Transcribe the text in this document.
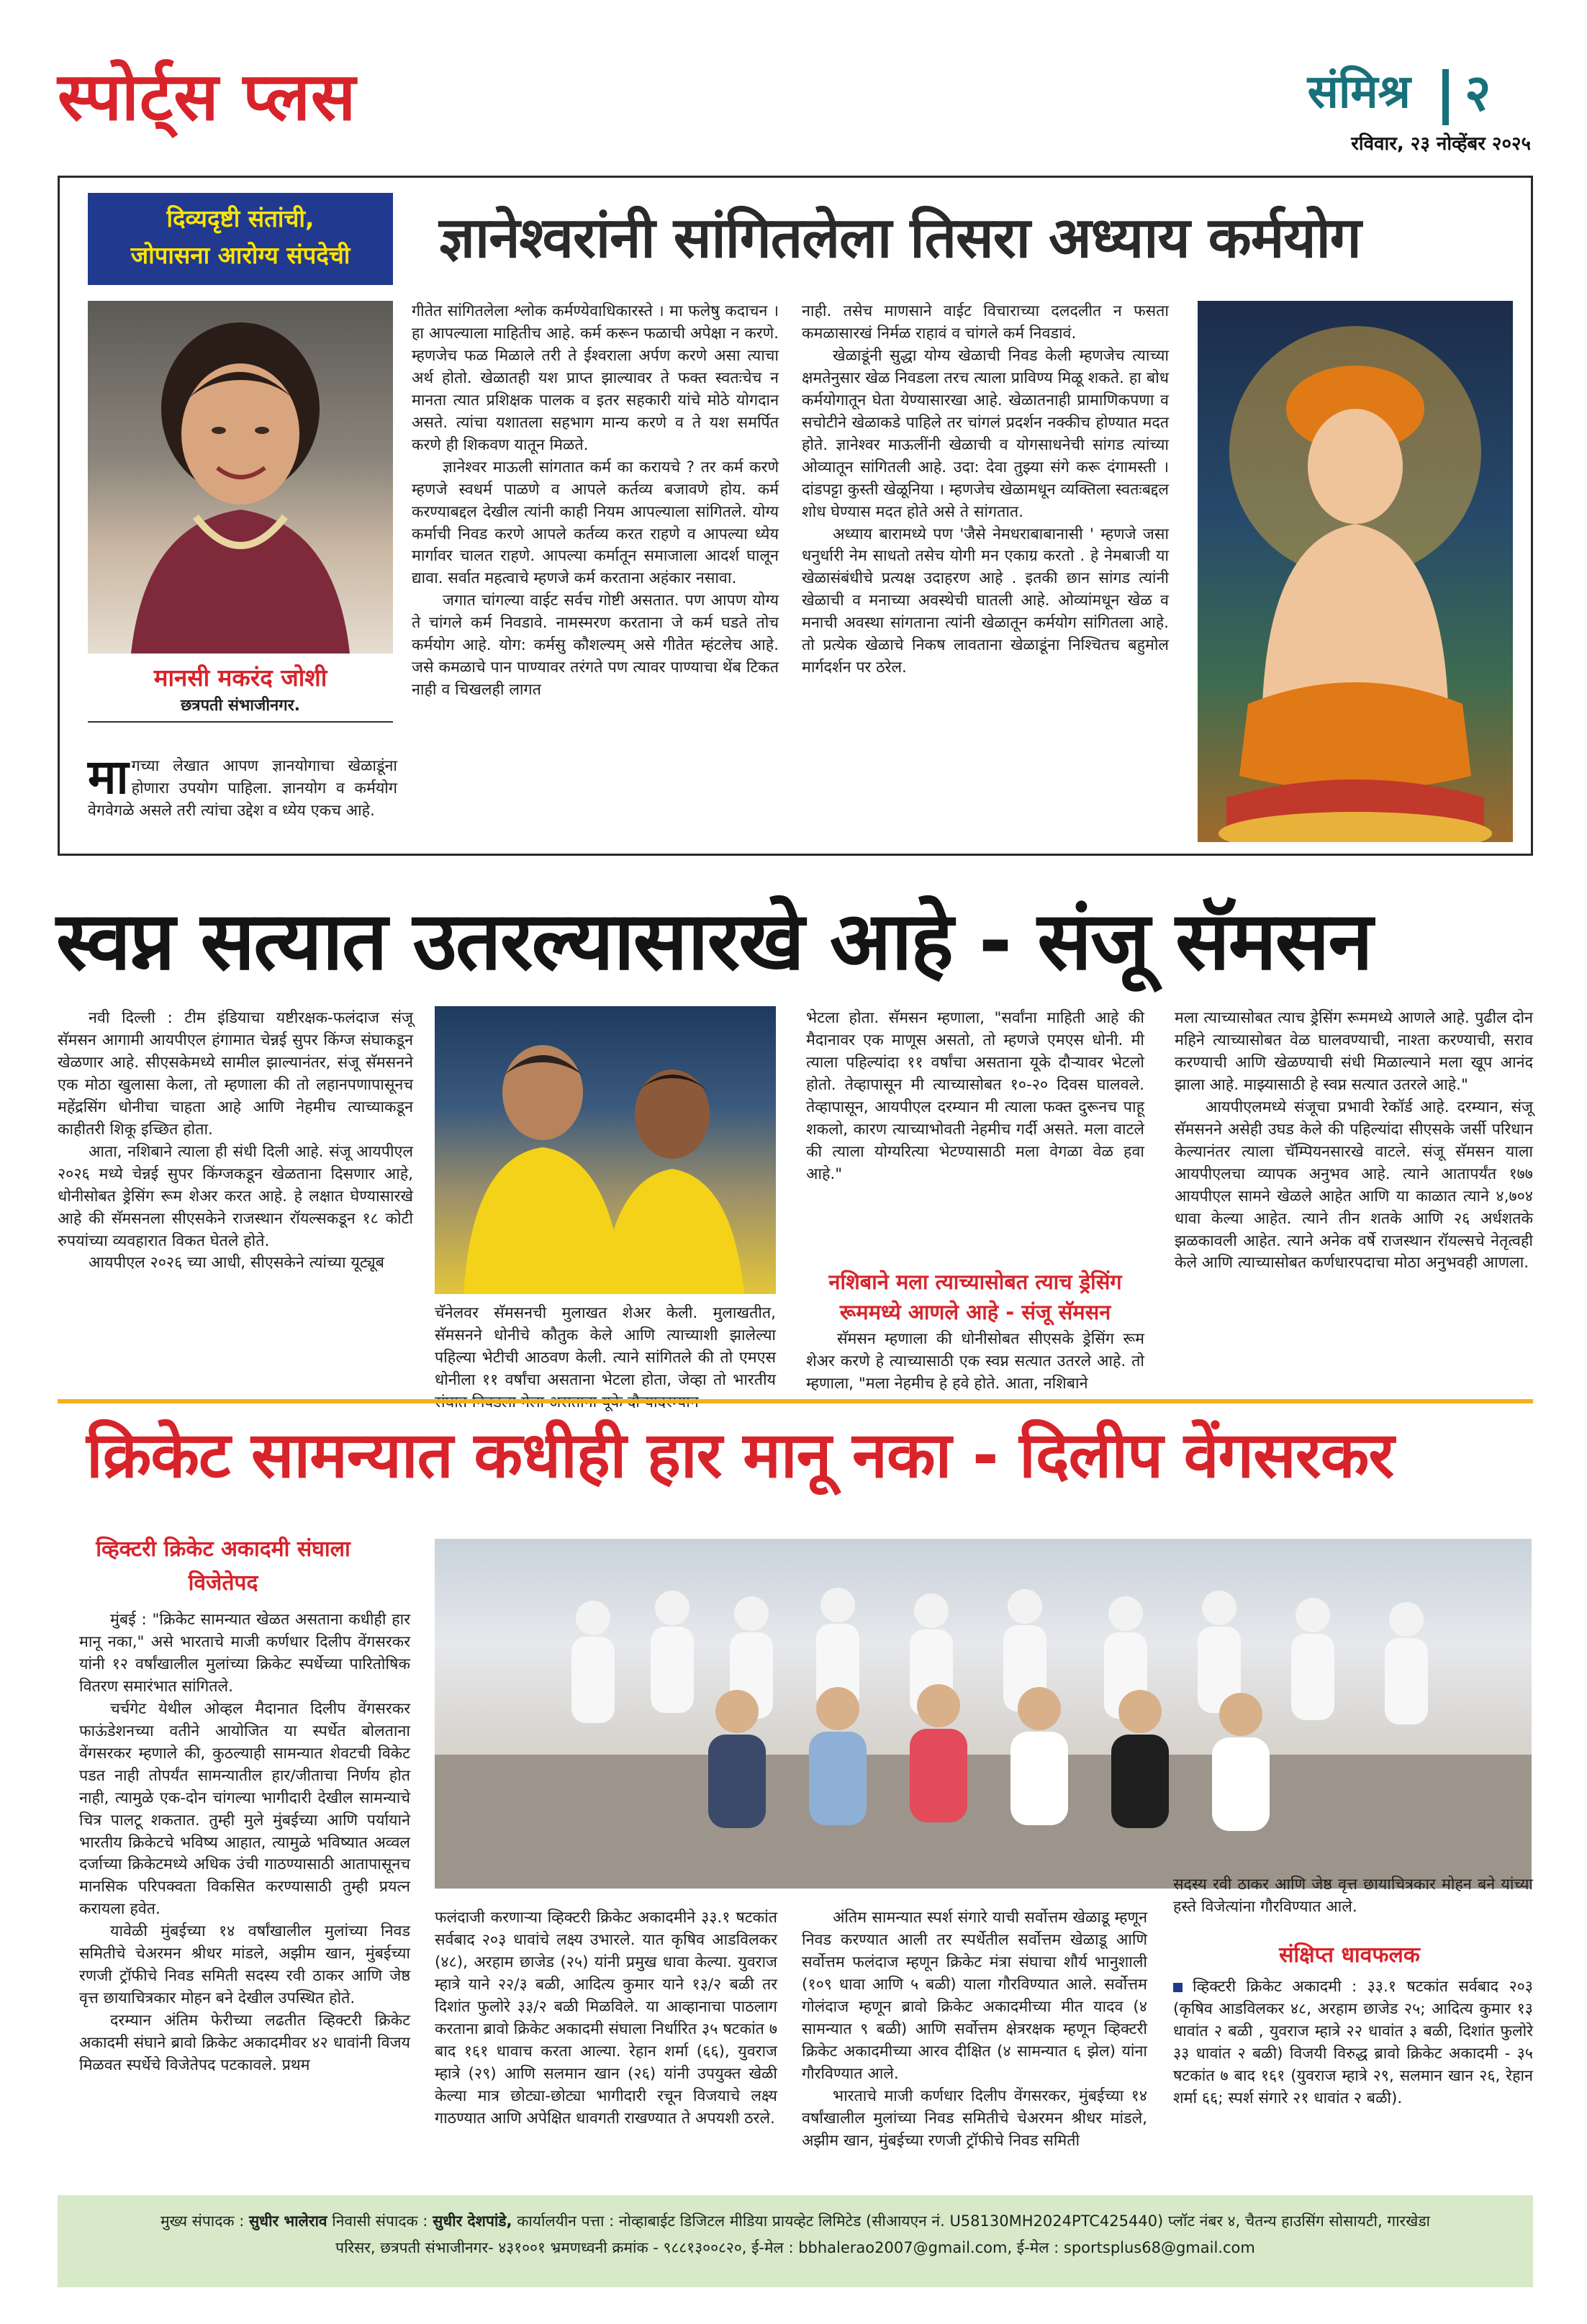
स्पोर्ट्स प्लस	संमिश्र २
रविवार, २३ नोव्हेंबर २०२५
दिव्यदृष्टी संतांची,
जोपासना आरोग्य संपदेची	ज्ञानेश्वरांनी सांगितलेला तिसरा अध्याय कर्मयोग
मानसी मकरंद जोशी
छत्रपती संभाजीनगर.
मागच्या लेखात आपण ज्ञानयोगाचा खेळाडूंना होणारा उपयोग पाहिला. ज्ञानयोग व कर्मयोग वेगवेगळे असले तरी त्यांचा उद्देश व ध्येय एकच आहे.

गीतेत सांगितलेला श्लोक कर्मण्येवाधिकारस्ते । मा फलेषु कदाचन । हा आपल्याला माहितीच आहे. कर्म करून फळाची अपेक्षा न करणे. म्हणजेच फळ मिळाले तरी ते ईश्वराला अर्पण करणे असा त्याचा अर्थ होतो. खेळातही यश प्राप्त झाल्यावर ते फक्त स्वतःचेच न मानता त्यात प्रशिक्षक पालक व इतर सहकारी यांचे मोठे योगदान असते. त्यांचा यशातला सहभाग मान्य करणे व ते यश समर्पित करणे ही शिकवण यातून मिळते.

ज्ञानेश्वर माऊली सांगतात कर्म का करायचे ? तर कर्म करणे म्हणजे स्वधर्म पाळणे व आपले कर्तव्य बजावणे होय. कर्म करण्याबद्दल देखील त्यांनी काही नियम आपल्याला सांगितले. योग्य कर्माची निवड करणे आपले कर्तव्य करत राहणे व आपल्या ध्येय मार्गावर चालत राहणे. आपल्या कर्मातून समाजाला आदर्श घालून द्यावा. सर्वात महत्वाचे म्हणजे कर्म करताना अहंकार नसावा.

जगात चांगल्या वाईट सर्वच गोष्टी असतात. पण आपण योग्य ते चांगले कर्म निवडावे. नामस्मरण करताना जे कर्म घडते तोच कर्मयोग आहे. योग: कर्मसु कौशल्यम् असे गीतेत म्हंटलेच आहे. जसे कमळाचे पान पाण्यावर तरंगते पण त्यावर पाण्याचा थेंब टिकत नाही व चिखलही लागत

नाही. तसेच माणसाने वाईट विचाराच्या दलदलीत न फसता कमळासारखं निर्मळ राहावं व चांगले कर्म निवडावं.

खेळाडूंनी सुद्धा योग्य खेळाची निवड केली म्हणजेच त्याच्या क्षमतेनुसार खेळ निवडला तरच त्याला प्राविण्य मिळू शकते. हा बोध कर्मयोगातून घेता येण्यासारखा आहे. खेळातनाही प्रामाणिकपणा व सचोटीने खेळाकडे पाहिले तर चांगलं प्रदर्शन नक्कीच होण्यात मदत होते. ज्ञानेश्वर माऊलींनी खेळाची व योगसाधनेची सांगड त्यांच्या ओव्यातून सांगितली आहे. उदा: देवा तुझ्या संगे करू दंगामस्ती । दांडपट्टा कुस्ती खेळूनिया । म्हणजेच खेळामधून व्यक्तिला स्वतःबद्दल शोध घेण्यास मदत होते असे ते सांगतात.

अध्याय बारामध्ये पण 'जैसे नेमधराबाबानासी ' म्हणजे जसा धनुर्धारी नेम साधतो तसेच योगी मन एकाग्र करतो . हे नेमबाजी या खेळासंबंधीचे प्रत्यक्ष उदाहरण आहे . इतकी छान सांगड त्यांनी खेळाची व मनाच्या अवस्थेची घातली आहे. ओव्यांमधून खेळ व मनाची अवस्था सांगताना त्यांनी खेळातून कर्मयोग सांगितला आहे. तो प्रत्येक खेळाचे निकष लावताना खेळाडूंना निश्चितच बहुमोल मार्गदर्शन पर ठरेल.

स्वप्न सत्यात उतरल्यासारखे आहे - संजू सॅमसन

नवी दिल्ली : टीम इंडियाचा यष्टीरक्षक-फलंदाज संजू सॅमसन आगामी आयपीएल हंगामात चेन्नई सुपर किंग्ज संघाकडून खेळणार आहे. सीएसकेमध्ये सामील झाल्यानंतर, संजू सॅमसनने एक मोठा खुलासा केला, तो म्हणाला की तो लहानपणापासूनच महेंद्रसिंग धोनीचा चाहता आहे आणि नेहमीच त्याच्याकडून काहीतरी शिकू इच्छित होता.

आता, नशिबाने त्याला ही संधी दिली आहे. संजू आयपीएल २०२६ मध्ये चेन्नई सुपर किंग्जकडून खेळताना दिसणार आहे, धोनीसोबत ड्रेसिंग रूम शेअर करत आहे. हे लक्षात घेण्यासारखे आहे की सॅमसनला सीएसकेने राजस्थान रॉयल्सकडून १८ कोटी रुपयांच्या व्यवहारात विकत घेतले होते.

आयपीएल २०२६ च्या आधी, सीएसकेने त्यांच्या यूट्यूब

चॅनेलवर सॅमसनची मुलाखत शेअर केली. मुलाखतीत, सॅमसनने धोनीचे कौतुक केले आणि त्याच्याशी झालेल्या पहिल्या भेटीची आठवण केली. त्याने सांगितले की तो एमएस धोनीला ११ वर्षांचा असताना भेटला होता, जेव्हा तो भारतीय

भेटला होता. सॅमसन म्हणाला, "सर्वांना माहिती आहे की मैदानावर एक माणूस असतो, तो म्हणजे एमएस धोनी. मी त्याला पहिल्यांदा ११ वर्षांचा असताना यूके दौऱ्यावर भेटलो होतो. तेव्हापासून मी त्याच्यासोबत १०-२० दिवस घालवले. तेव्हापासून, आयपीएल दरम्यान मी त्याला फक्त दुरूनच पाहू शकलो, कारण त्याच्याभोवती नेहमीच गर्दी असते. मला वाटले की त्याला योग्यरित्या भेटण्यासाठी मला वेगळा वेळ हवा आहे."

नशिबाने मला त्याच्यासोबत त्याच ड्रेसिंग
रूममध्ये आणले आहे - संजू सॅमसन

सॅमसन म्हणाला की धोनीसोबत सीएसके ड्रेसिंग रूम शेअर करणे हे त्याच्यासाठी एक स्वप्न सत्यात उतरले आहे. तो म्हणाला, "मला नेहमीच हे हवे होते. आता, नशिबाने

मला त्याच्यासोबत त्याच ड्रेसिंग रूममध्ये आणले आहे. पुढील दोन महिने त्याच्यासोबत वेळ घालवण्याची, नाश्ता करण्याची, सराव करण्याची आणि खेळण्याची संधी मिळाल्याने मला खूप आनंद झाला आहे. माझ्यासाठी हे स्वप्न सत्यात उतरले आहे."

आयपीएलमध्ये संजूचा प्रभावी रेकॉर्ड आहे. दरम्यान, संजू सॅमसनने असेही उघड केले की पहिल्यांदा सीएसके जर्सी परिधान केल्यानंतर त्याला चॅम्पियनसारखे वाटले. संजू सॅमसन याला आयपीएलचा व्यापक अनुभव आहे. त्याने आतापर्यंत १७७ आयपीएल सामने खेळले आहेत आणि या काळात त्याने ४,७०४ धावा केल्या आहेत. त्याने तीन शतके आणि २६ अर्धशतके झळकावली आहेत. त्याने अनेक वर्षे राजस्थान रॉयल्सचे नेतृत्वही केले आणि त्याच्यासोबत कर्णधारपदाचा मोठा अनुभवही आणला.

क्रिकेट सामन्यात कधीही हार मानू नका - दिलीप वेंगसरकर
व्हिक्टरी क्रिकेट अकादमी संघाला
विजेतेपद

मुंबई : "क्रिकेट सामन्यात खेळत असताना कधीही हार मानू नका," असे भारताचे माजी कर्णधार दिलीप वेंगसरकर यांनी १२ वर्षांखालील मुलांच्या क्रिकेट स्पर्धेच्या पारितोषिक वितरण समारंभात सांगितले.

चर्चगेट येथील ओव्हल मैदानात दिलीप वेंगसरकर फाऊंडेशनच्या वतीने आयोजित या स्पर्धेत बोलताना वेंगसरकर म्हणाले की, कुठल्याही सामन्यात शेवटची विकेट पडत नाही तोपर्यंत सामन्यातील हार/जीताचा निर्णय होत नाही, त्यामुळे एक-दोन चांगल्या भागीदारी देखील सामन्याचे चित्र पालटू शकतात. तुम्ही मुले मुंबईच्या आणि पर्यायाने भारतीय क्रिकेटचे भविष्य आहात, त्यामुळे भविष्यात अव्वल दर्जाच्या क्रिकेटमध्ये अधिक उंची गाठण्यासाठी आतापासूनच मानसिक परिपक्वता विकसित करण्यासाठी तुम्ही प्रयत्न करायला हवेत.

यावेळी मुंबईच्या १४ वर्षांखालील मुलांच्या निवड समितीचे चेअरमन श्रीधर मांडले, अझीम खान, मुंबईच्या रणजी ट्रॉफीचे निवड समिती सदस्य रवी ठाकर आणि जेष्ठ वृत्त छायाचित्रकार मोहन बने देखील उपस्थित होते.

दरम्यान अंतिम फेरीच्या लढतीत व्हिक्टरी क्रिकेट अकादमी संघाने ब्रावो क्रिकेट अकादमीवर ४२ धावांनी विजय मिळवत स्पर्धेचे विजेतेपद पटकावले. प्रथम

फलंदाजी करणाऱ्या व्हिक्टरी क्रिकेट अकादमीने ३३.१ षटकांत सर्वबाद २०३ धावांचे लक्ष्य उभारले. यात कृषिव आडविलकर (४८), अरहाम छाजेड (२५) यांनी प्रमुख धावा केल्या. युवराज म्हात्रे याने २२/३ बळी, आदित्य कुमार याने १३/२ बळी तर दिशांत फुलोरे ३३/२ बळी मिळविले. या आव्हानाचा पाठलाग करताना ब्रावो क्रिकेट अकादमी संघाला निर्धारित ३५ षटकांत ७ बाद १६१ धावाच करता आल्या. रेहान शर्मा (६६), युवराज म्हात्रे (२९) आणि सलमान खान (२६) यांनी उपयुक्त खेळी केल्या मात्र छोट्या-छोट्या भागीदारी रचून विजयाचे लक्ष्य गाठण्यात आणि अपेक्षित धावगती राखण्यात ते अपयशी ठरले.

अंतिम सामन्यात स्पर्श संगारे याची सर्वोत्तम खेळाडू म्हणून निवड करण्यात आली तर स्पर्धेतील सर्वोत्तम खेळाडू आणि सर्वोत्तम फलंदाज म्हणून क्रिकेट मंत्रा संघाचा शौर्य भानुशाली (१०९ धावा आणि ५ बळी) याला गौरविण्यात आले. सर्वोत्तम गोलंदाज म्हणून ब्रावो क्रिकेट अकादमीच्या मीत यादव (४ सामन्यात ९ बळी) आणि सर्वोत्तम क्षेत्ररक्षक म्हणून व्हिक्टरी क्रिकेट अकादमीच्या आरव दीक्षित (४ सामन्यात ६ झेल) यांना गौरविण्यात आले.

भारताचे माजी कर्णधार दिलीप वेंगसरकर, मुंबईच्या १४ वर्षांखालील मुलांच्या निवड समितीचे चेअरमन श्रीधर मांडले, अझीम खान, मुंबईच्या रणजी ट्रॉफीचे निवड समिती

सदस्य रवी ठाकर आणि जेष्ठ वृत्त छायाचित्रकार मोहन बने यांच्या हस्ते विजेत्यांना गौरविण्यात आले.

संक्षिप्त धावफलक
व्हिक्टरी क्रिकेट अकादमी : ३३.१ षटकांत सर्वबाद २०३ (कृषिव आडविलकर ४८, अरहाम छाजेड २५; आदित्य कुमार १३ धावांत २ बळी , युवराज म्हात्रे २२ धावांत ३ बळी, दिशांत फुलोरे ३३ धावांत २ बळी) विजयी विरुद्ध ब्रावो क्रिकेट अकादमी - ३५ षटकांत ७ बाद १६१ (युवराज म्हात्रे २९, सलमान खान २६, रेहान शर्मा ६६; स्पर्श संगारे २१ धावांत २ बळी).
मुख्य संपादक : सुधीर भालेराव निवासी संपादक : सुधीर देशपांडे, कार्यालयीन पत्ता : नोव्हाबाईट डिजिटल मीडिया प्रायव्हेट लिमिटेड (सीआयएन नं. U58130MH2024PTC425440) प्लॉट नंबर ४, चैतन्य हाउसिंग सोसायटी, गारखेडा
परिसर, छत्रपती संभाजीनगर- ४३१००१ भ्रमणध्वनी क्रमांक - ९८८१३००८२०, ई-मेल : bbhalerao2007@gmail.com, ई-मेल : sportsplus68@gmail.com
